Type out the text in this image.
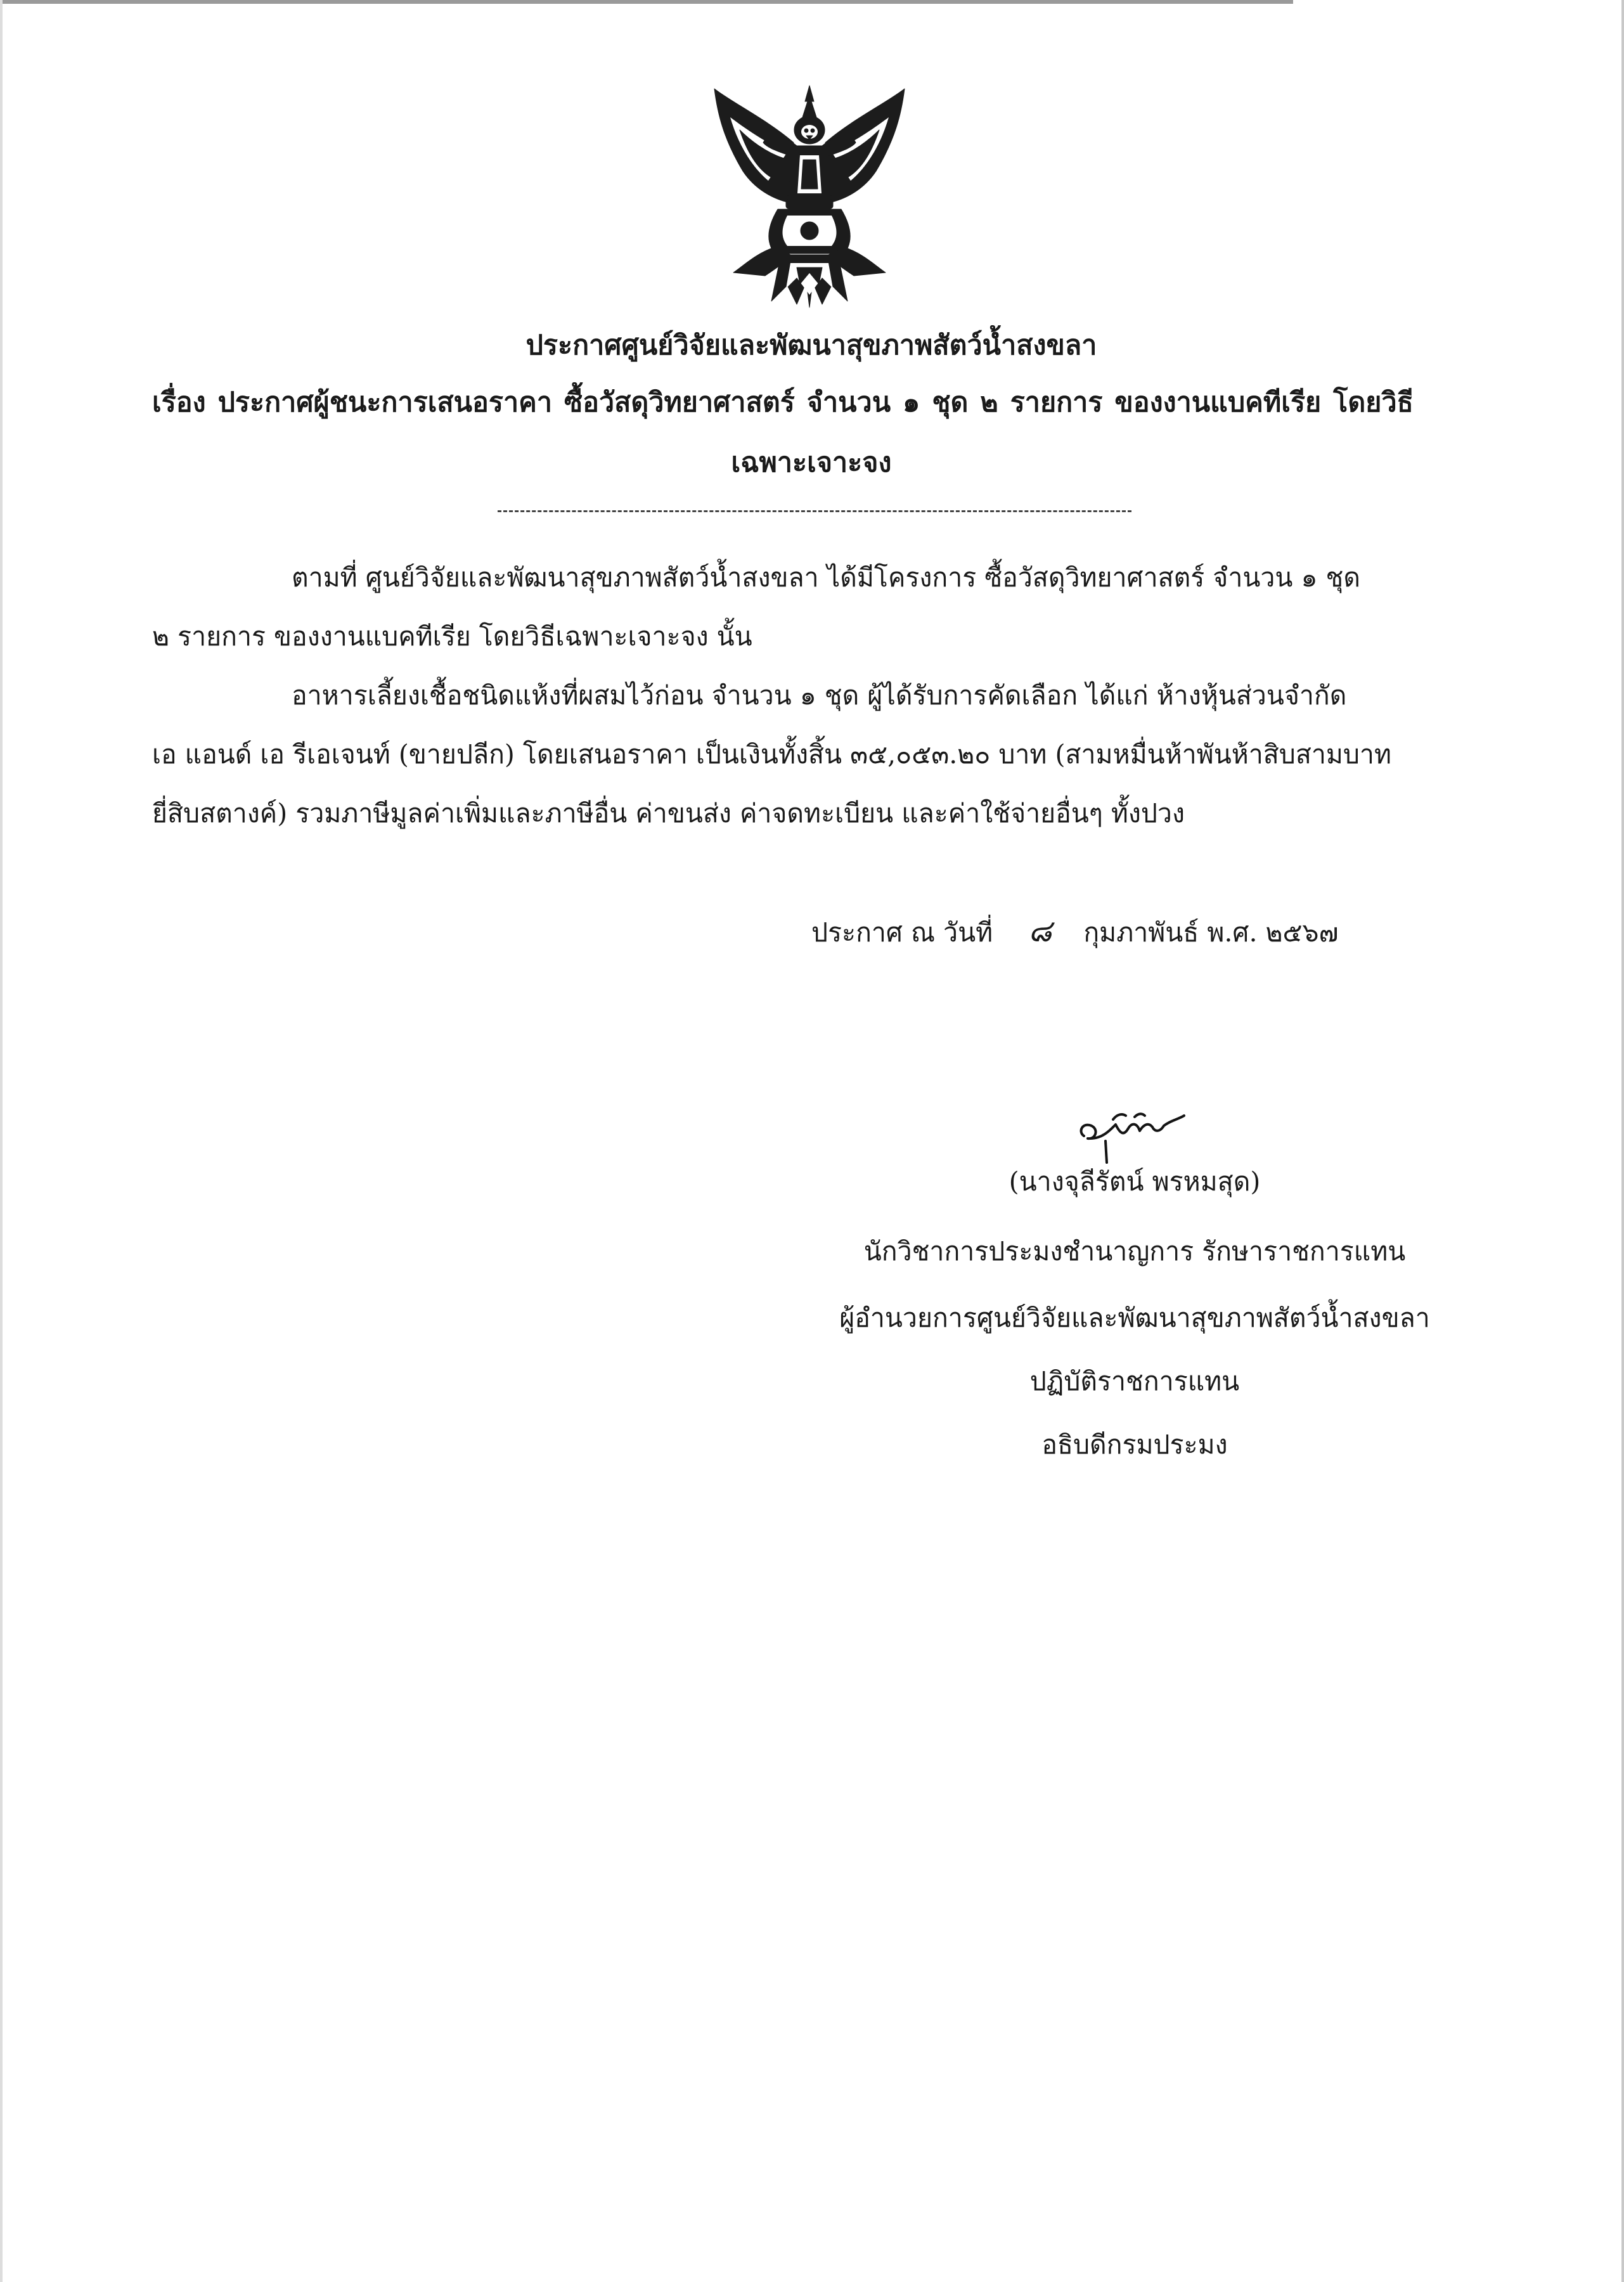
ประกาศศูนย์วิจัยและพัฒนาสุขภาพสัตว์น้ำสงขลา
เรื่อง ประกาศผู้ชนะการเสนอราคา ซื้อวัสดุวิทยาศาสตร์ จำนวน ๑ ชุด ๒ รายการ ของงานแบคทีเรีย โดยวิธี
เฉพาะเจาะจง
ตามที่ ศูนย์วิจัยและพัฒนาสุขภาพสัตว์น้ำสงขลา ได้มีโครงการ ซื้อวัสดุวิทยาศาสตร์ จำนวน ๑ ชุด
๒ รายการ ของงานแบคทีเรีย โดยวิธีเฉพาะเจาะจง นั้น
อาหารเลี้ยงเชื้อชนิดแห้งที่ผสมไว้ก่อน จำนวน ๑ ชุด ผู้ได้รับการคัดเลือก ได้แก่ ห้างหุ้นส่วนจำกัด
เอ แอนด์ เอ รีเอเจนท์ (ขายปลีก) โดยเสนอราคา เป็นเงินทั้งสิ้น ๓๕,๐๕๓.๒๐ บาท (สามหมื่นห้าพันห้าสิบสามบาท
ยี่สิบสตางค์) รวมภาษีมูลค่าเพิ่มและภาษีอื่น ค่าขนส่ง ค่าจดทะเบียน และค่าใช้จ่ายอื่นๆ ทั้งปวง
ประกาศ ณ วันที่ ๘ กุมภาพันธ์ พ.ศ. ๒๕๖๗
(นางจุลีรัตน์ พรหมสุด)
นักวิชาการประมงชำนาญการ รักษาราชการแทน
ผู้อำนวยการศูนย์วิจัยและพัฒนาสุขภาพสัตว์น้ำสงขลา
ปฏิบัติราชการแทน
อธิบดีกรมประมง
